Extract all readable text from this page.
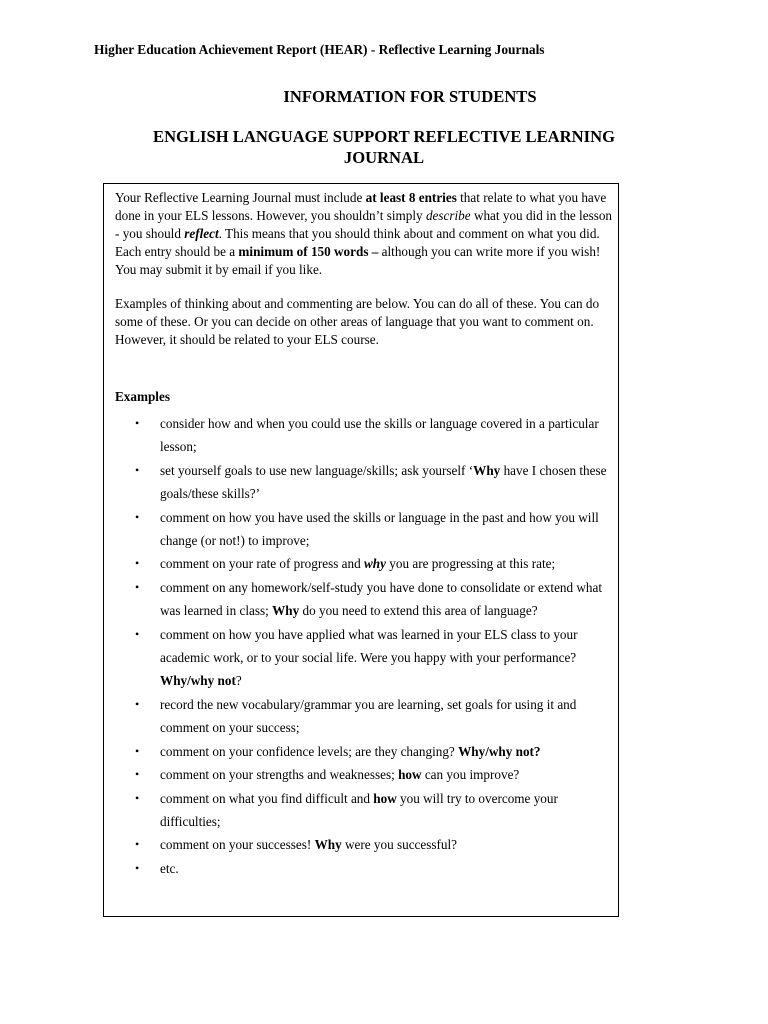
Higher Education Achievement Report (HEAR) - Reflective Learning Journals
INFORMATION FOR STUDENTS
ENGLISH LANGUAGE SUPPORT REFLECTIVE LEARNING JOURNAL

Your Reflective Learning Journal must include at least 8 entries that relate to what you have done in your ELS lessons. However, you shouldn’t simply describe what you did in the lesson - you should reflect. This means that you should think about and comment on what you did. Each entry should be a minimum of 150 words – although you can write more if you wish! You may submit it by email if you like.

Examples of thinking about and commenting are below. You can do all of these. You can do some of these. Or you can decide on other areas of language that you want to comment on. However, it should be related to your ELS course.

Examples
• consider how and when you could use the skills or language covered in a particular lesson;
• set yourself goals to use new language/skills; ask yourself ‘Why have I chosen these goals/these skills?’
• comment on how you have used the skills or language in the past and how you will change (or not!) to improve;
• comment on your rate of progress and why you are progressing at this rate;
• comment on any homework/self-study you have done to consolidate or extend what was learned in class; Why do you need to extend this area of language?
• comment on how you have applied what was learned in your ELS class to your academic work, or to your social life. Were you happy with your performance? Why/why not?
• record the new vocabulary/grammar you are learning, set goals for using it and comment on your success;
• comment on your confidence levels; are they changing? Why/why not?
• comment on your strengths and weaknesses; how can you improve?
• comment on what you find difficult and how you will try to overcome your difficulties;
• comment on your successes! Why were you successful?
• etc.
